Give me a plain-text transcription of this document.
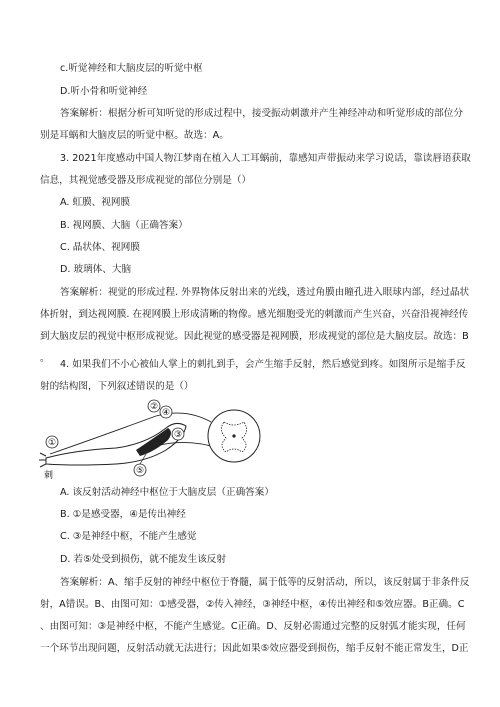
c.听觉神经和大脑皮层的听觉中枢
D.听小骨和听觉神经
答案解析：根据分析可知听觉的形成过程中，接受振动刺激并产生神经冲动和听觉形成的部位分
别是耳蜗和大脑皮层的听觉中枢。故选：A。
3. 2021年度感动中国人物江梦南在植入人工耳蜗前，靠感知声带振动来学习说话，靠读唇语获取
信息，其视觉感受器及形成视觉的部位分别是（）
A. 虹膜、视网膜
B. 视网膜、大脑（正确答案）
C. 晶状体、视网膜
D. 玻璃体、大脑
答案解析：视觉的形成过程. 外界物体反射出来的光线，透过角膜由瞳孔进入眼球内部，经过晶状
体折射，到达视网膜. 在视网膜上形成清晰的物像。感光细胞受光的刺激而产生兴奋，兴奋沿视神经传
到大脑皮层的视觉中枢形成视觉。因此视觉的感受器是视网膜，形成视觉的部位是大脑皮层。故选：B
。
4. 如果我们不小心被仙人掌上的刺扎到手，会产生缩手反射，然后感觉到疼。如图所示是缩手反
射的结构图，下列叙述错误的是（）
①
②
③
④
⑤
刺
A. 该反射活动神经中枢位于大脑皮层（正确答案）
B. ①是感受器，④是传出神经
C. ③是神经中枢，不能产生感觉
D. 若⑤处受到损伤，就不能发生该反射
答案解析：A、缩手反射的神经中枢位于脊髓，属于低等的反射活动，所以，该反射属于非条件反
射，A错误。B、由图可知：①感受器，②传入神经，③神经中枢，④传出神经和⑤效应器。B正确。C
、由图可知：③是神经中枢，不能产生感觉。C正确。D、反射必需通过完整的反射弧才能实现，任何
一个环节出现问题，反射活动就无法进行；因此如果⑤效应器受到损伤，缩手反射不能正常发生，D正
